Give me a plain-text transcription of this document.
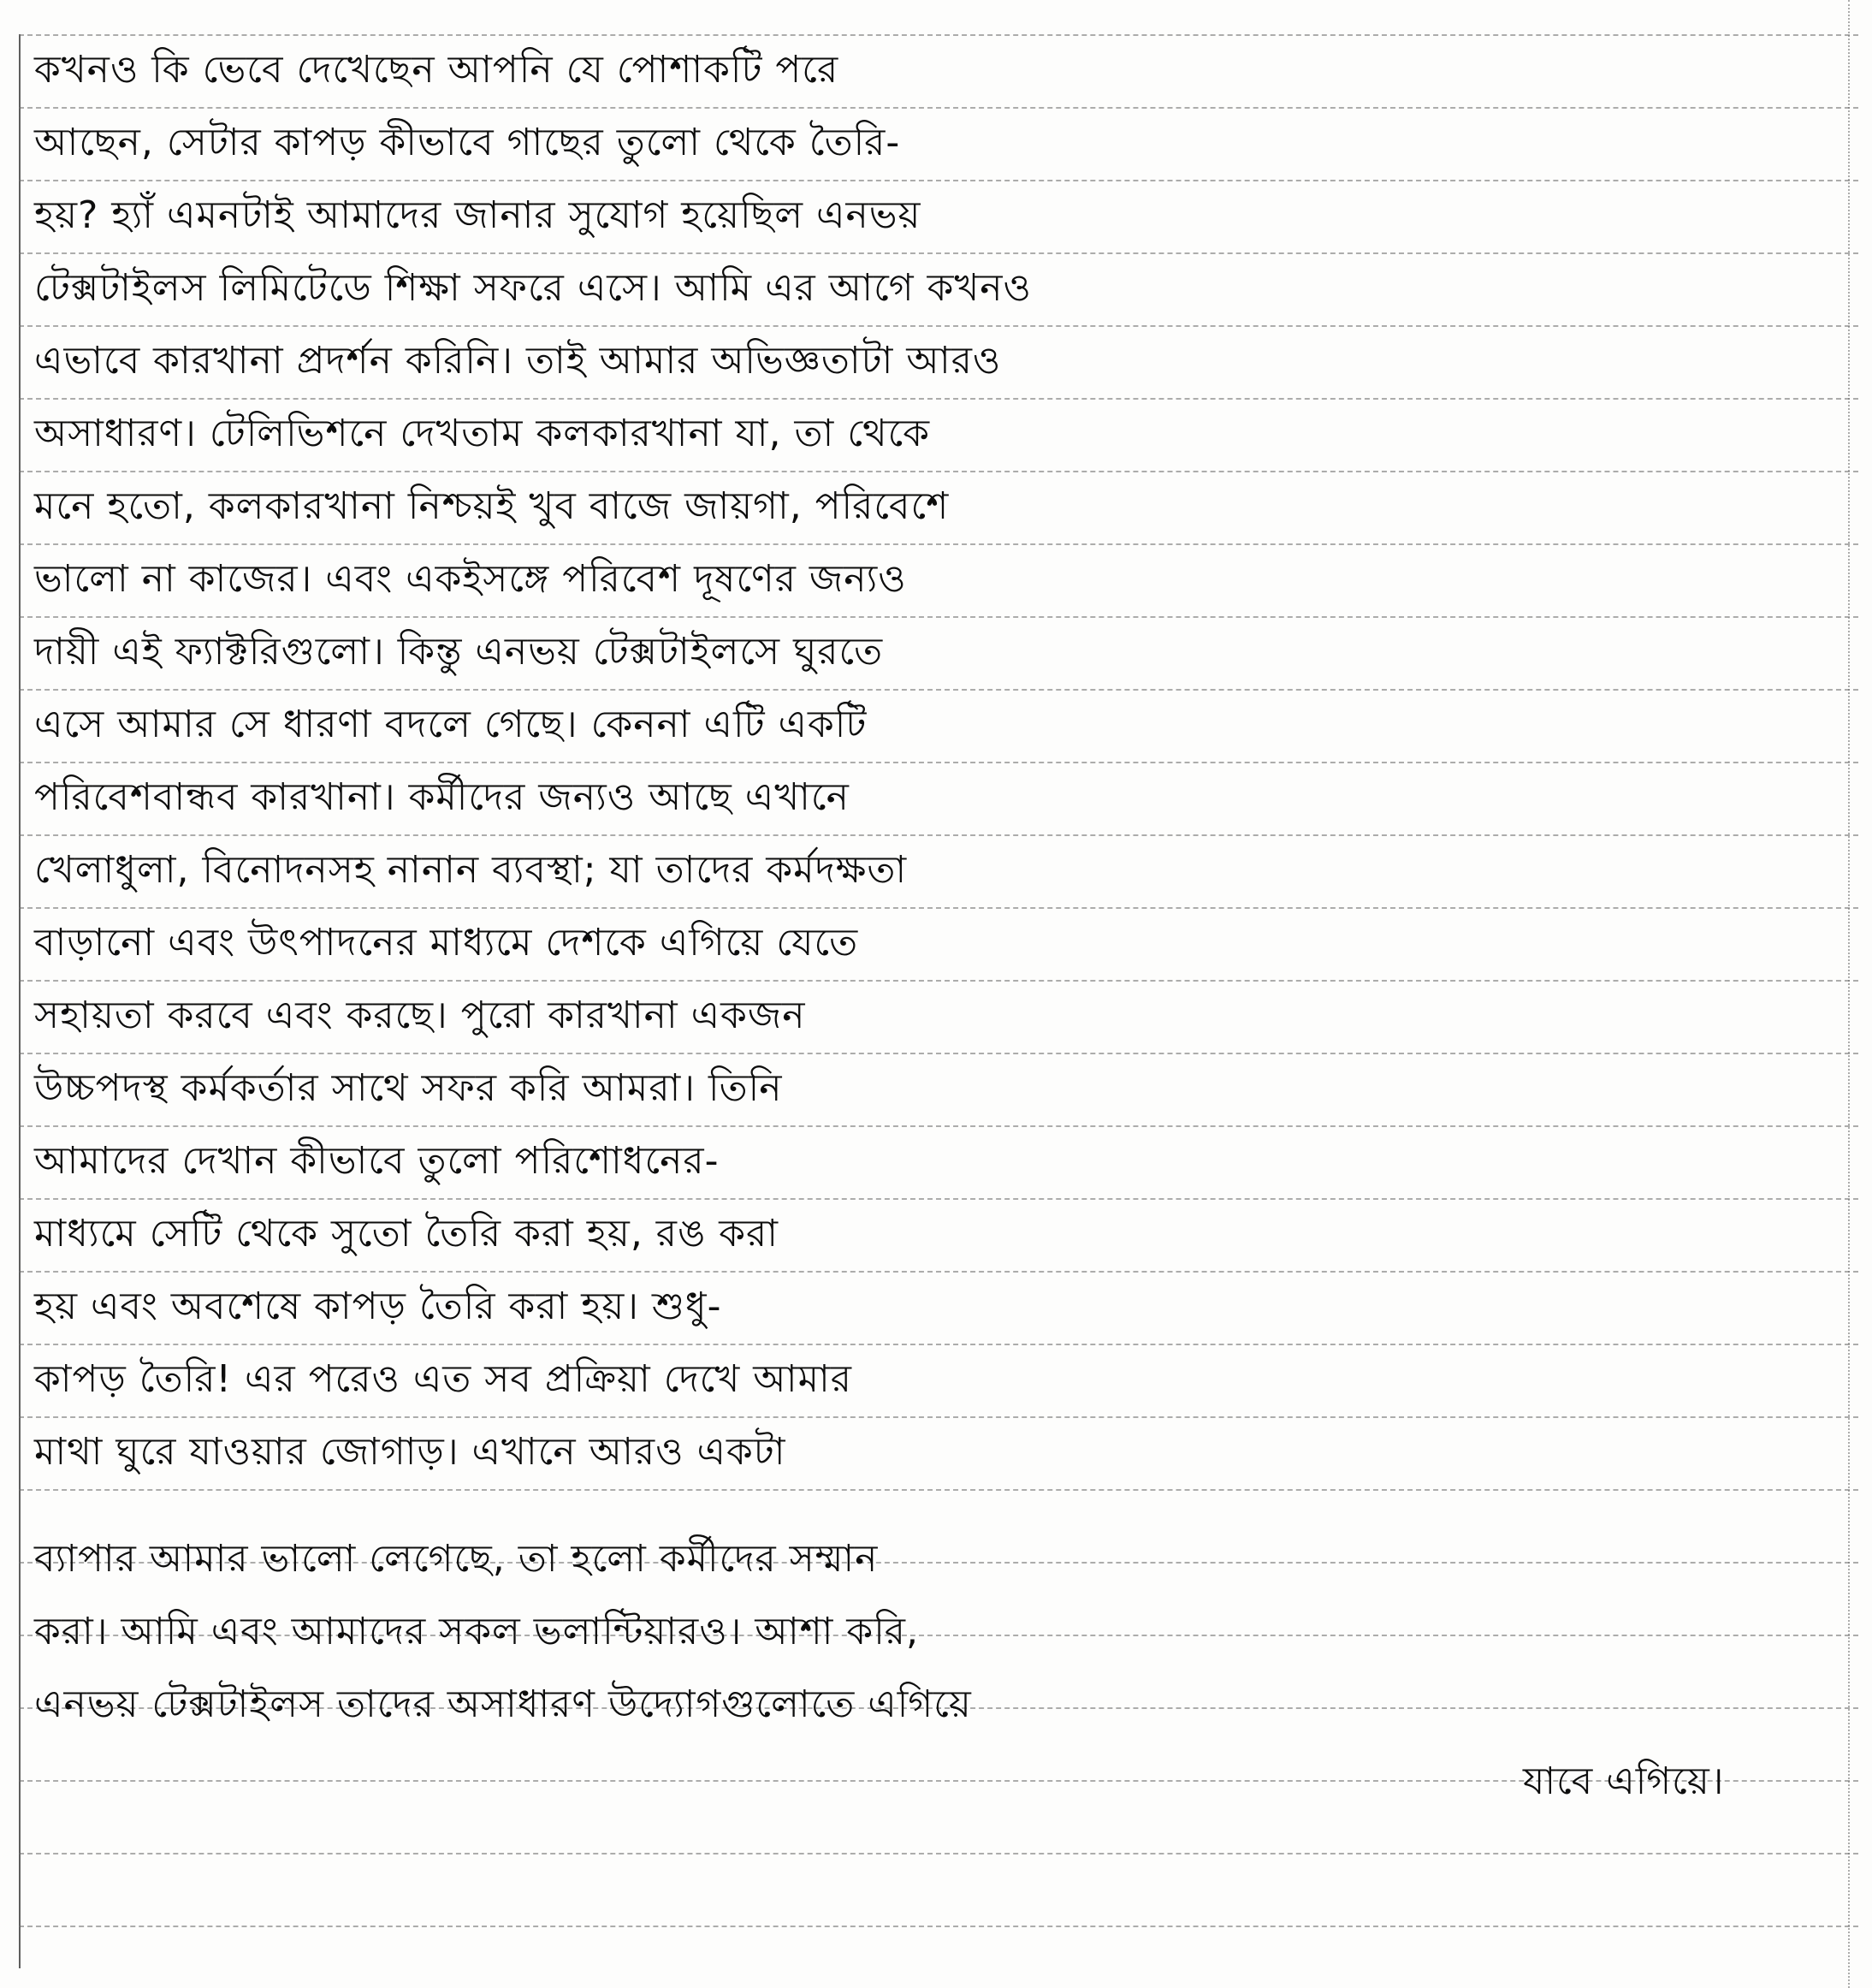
কখনও কি ভেবে দেখেছেন আপনি যে পোশাকটি পরে
আছেন, সেটার কাপড় কীভাবে গাছের তুলো থেকে তৈরি-
হয়? হ্যাঁ এমনটাই আমাদের জানার সুযোগ হয়েছিল এনভয়
টেক্সটাইলস লিমিটেডে শিক্ষা সফরে এসে। আমি এর আগে কখনও
এভাবে কারখানা প্রদর্শন করিনি। তাই আমার অভিজ্ঞতাটা আরও
অসাধারণ। টেলিভিশনে দেখতাম কলকারখানা যা, তা থেকে
মনে হতো, কলকারখানা নিশ্চয়ই খুব বাজে জায়গা, পরিবেশে
ভালো না কাজের। এবং একইসঙ্গে পরিবেশ দূষণের জন্যও
দায়ী এই ফ্যাক্টরিগুলো। কিন্তু এনভয় টেক্সটাইলসে ঘুরতে
এসে আমার সে ধারণা বদলে গেছে। কেননা এটি একটি
পরিবেশবান্ধব কারখানা। কর্মীদের জন্যও আছে এখানে
খেলাধুলা, বিনোদনসহ নানান ব্যবস্থা; যা তাদের কর্মদক্ষতা
বাড়ানো এবং উৎপাদনের মাধ্যমে দেশকে এগিয়ে যেতে
সহায়তা করবে এবং করছে। পুরো কারখানা একজন
উচ্চপদস্থ কর্মকর্তার সাথে সফর করি আমরা। তিনি
আমাদের দেখান কীভাবে তুলো পরিশোধনের-
মাধ্যমে সেটি থেকে সুতো তৈরি করা হয়, রঙ করা
হয় এবং অবশেষে কাপড় তৈরি করা হয়। শুধু-
কাপড় তৈরি! এর পরেও এত সব প্রক্রিয়া দেখে আমার
মাথা ঘুরে যাওয়ার জোগাড়। এখানে আরও একটা
ব্যাপার আমার ভালো লেগেছে, তা হলো কর্মীদের সম্মান
করা। আমি এবং আমাদের সকল ভলান্টিয়ারও। আশা করি,
এনভয় টেক্সটাইলস তাদের অসাধারণ উদ্যোগগুলোতে এগিয়ে
যাবে এগিয়ে।
